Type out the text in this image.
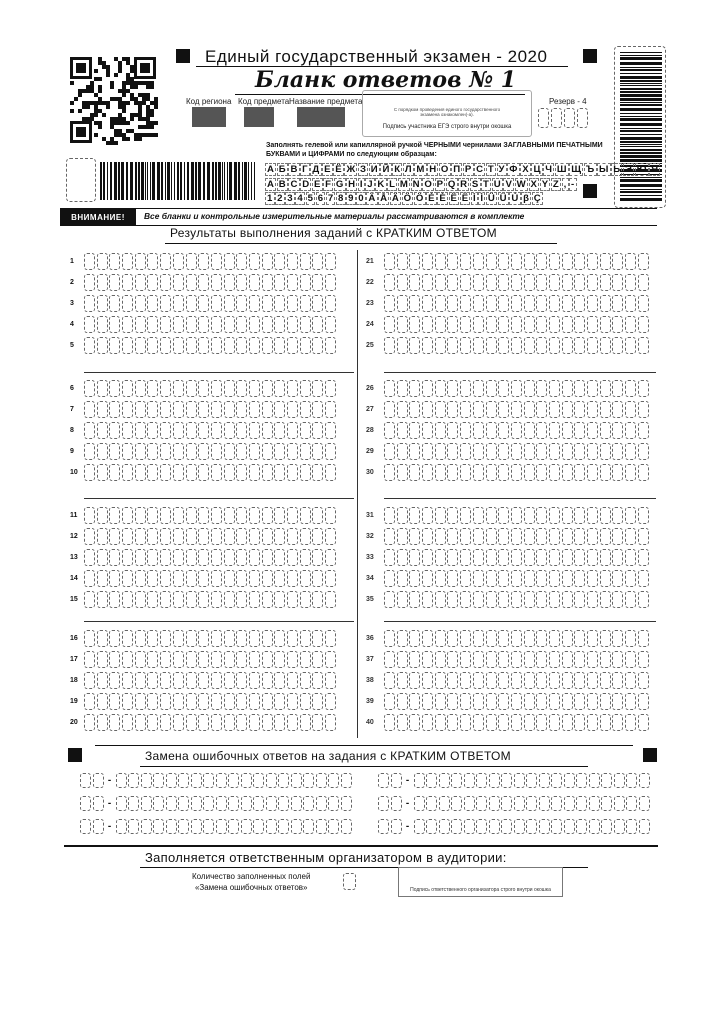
Единый государственный экзамен - 2020
Бланк ответов № 1
Код региона Код предмета Название предмета
С порядком проведения единого государственного экзамена ознакомлен(-а).
Подпись участника ЕГЭ строго внутри окошка
Резерв - 4
Заполнять гелевой или капиллярной ручкой ЧЕРНЫМИ чернилами ЗАГЛАВНЫМИ ПЕЧАТНЫМИ БУКВАМИ и ЦИФРАМИ по следующим образцам:
А Б В Г Д Е Ё Ж З И Й К Л М Н О П Р С Т У Ф Х Ц Ч Ш Щ Ъ Ы Ь Э Ю Я
A B C D E F G H I J K L M N O P Q R S T U V W X Y Z , -
1 2 3 4 5 6 7 8 9 0 Ä Å Ä Ö Ö É È Ë Ë Ì Ì Ü Ü Ú β Ç
ВНИМАНИЕ!	Все бланки и контрольные измерительные материалы рассматриваются в комплекте
Результаты выполнения заданий с КРАТКИМ ОТВЕТОМ
1	21
2	22
3	23
4	24
5	25
6	26
7	27
8	28
9	29
10	30
11	31
12	32
13	33
14	34
15	35
16	36
17	37
18	38
19	39
20	40
Замена ошибочных ответов на задания с КРАТКИМ ОТВЕТОМ
-	-
-	-
-	-
Заполняется ответственным организатором в аудитории:
Количество заполненных полей
«Замена ошибочных ответов»	Подпись ответственного организатора строго внутри окошка
